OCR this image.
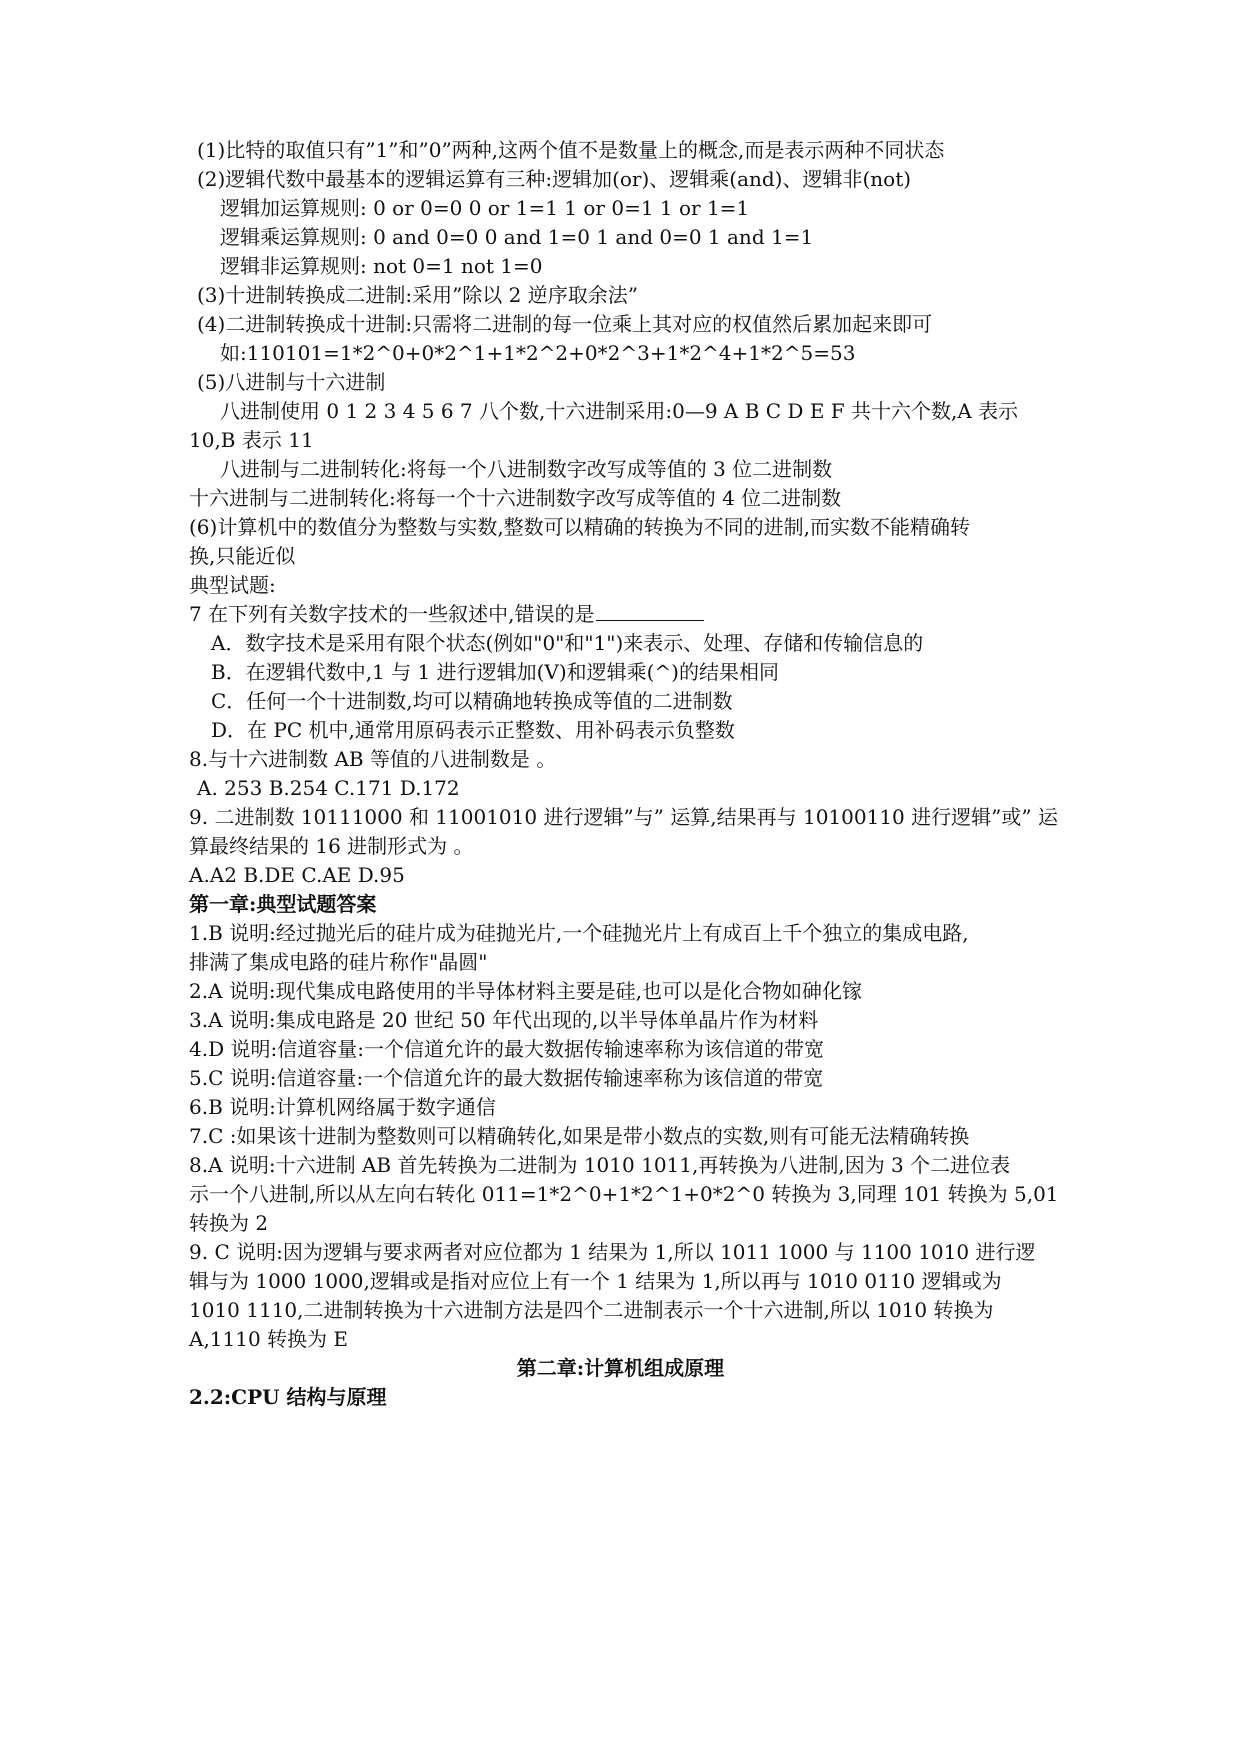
(1)比特的取值只有”1”和”0”两种,这两个值不是数量上的概念,而是表示两种不同状态
(2)逻辑代数中最基本的逻辑运算有三种:逻辑加(or)、逻辑乘(and)、逻辑非(not)
逻辑加运算规则: 0 or 0=0 0 or 1=1 1 or 0=1 1 or 1=1
逻辑乘运算规则: 0 and 0=0 0 and 1=0 1 and 0=0 1 and 1=1
逻辑非运算规则: not 0=1 not 1=0
(3)十进制转换成二进制:采用”除以 2 逆序取余法”
(4)二进制转换成十进制:只需将二进制的每一位乘上其对应的权值然后累加起来即可
如:110101=1*2^0+0*2^1+1*2^2+0*2^3+1*2^4+1*2^5=53
(5)八进制与十六进制
八进制使用 0 1 2 3 4 5 6 7 八个数,十六进制采用:0—9 A B C D E F 共十六个数,A 表示
10,B 表示 11
八进制与二进制转化:将每一个八进制数字改写成等值的 3 位二进制数
十六进制与二进制转化:将每一个十六进制数字改写成等值的 4 位二进制数
(6)计算机中的数值分为整数与实数,整数可以精确的转换为不同的进制,而实数不能精确转
换,只能近似
典型试题:
7 在下列有关数字技术的一些叙述中,错误的是
A．数字技术是采用有限个状态(例如"0"和"1")来表示、处理、存储和传输信息的
B．在逻辑代数中,1 与 1 进行逻辑加(V)和逻辑乘(^)的结果相同
C．任何一个十进制数,均可以精确地转换成等值的二进制数
D．在 PC 机中,通常用原码表示正整数、用补码表示负整数
8.与十六进制数 AB 等值的八进制数是 。
A. 253 B.254 C.171 D.172
9. 二进制数 10111000 和 11001010 进行逻辑”与” 运算,结果再与 10100110 进行逻辑”或” 运
算最终结果的 16 进制形式为 。
A.A2 B.DE C.AE D.95
第一章:典型试题答案
1.B 说明:经过抛光后的硅片成为硅抛光片,一个硅抛光片上有成百上千个独立的集成电路,
排满了集成电路的硅片称作"晶圆"
2.A 说明:现代集成电路使用的半导体材料主要是硅,也可以是化合物如砷化镓
3.A 说明:集成电路是 20 世纪 50 年代出现的,以半导体单晶片作为材料
4.D 说明:信道容量:一个信道允许的最大数据传输速率称为该信道的带宽
5.C 说明:信道容量:一个信道允许的最大数据传输速率称为该信道的带宽
6.B 说明:计算机网络属于数字通信
7.C :如果该十进制为整数则可以精确转化,如果是带小数点的实数,则有可能无法精确转换
8.A 说明:十六进制 AB 首先转换为二进制为 1010 1011,再转换为八进制,因为 3 个二进位表
示一个八进制,所以从左向右转化 011=1*2^0+1*2^1+0*2^0 转换为 3,同理 101 转换为 5,01
转换为 2
9. C 说明:因为逻辑与要求两者对应位都为 1 结果为 1,所以 1011 1000 与 1100 1010 进行逻
辑与为 1000 1000,逻辑或是指对应位上有一个 1 结果为 1,所以再与 1010 0110 逻辑或为
1010 1110,二进制转换为十六进制方法是四个二进制表示一个十六进制,所以 1010 转换为
A,1110 转换为 E
第二章:计算机组成原理
2.2:CPU 结构与原理
